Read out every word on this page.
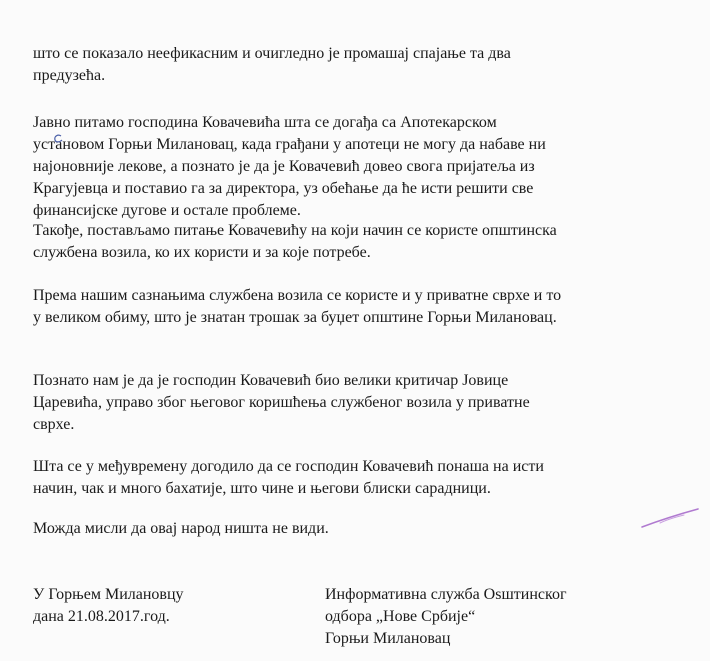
што се показало неефикасним и очигледно је промашај спајање та два
предузећа.

Јавно питамо господина Ковачевића шта се догађа са Апотекарском
установом Горњи Милановац, када грађани у апотеци не могу да набаве ни
најоновније лекове, а познато је да је Ковачевић довео свога пријатеља из
Крагујевца и поставио га за директора, уз обећање да ће исти решити све
финансијске дугове и остале проблеме.

Такође, постављамо питање Ковачевићу на који начин се користе општинска
службена возила, ко их користи и за које потребе.

Према нашим сазнањима службена возила се користе и у приватне сврхе и то
у великом обиму, што је знатан трошак за буџет општине Горњи Милановац.

Познато нам је да је господин Ковачевић био велики критичар Јовице
Царевића, управо због његовог коришћења службеног возила у приватне
сврхе.

Шта се у међувремену догодило да се господин Ковачевић понаша на исти
начин, чак и много бахатије, што чине и његови блиски сарадници.

Можда мисли да овај народ ништа не види.

У Горњем Милановцу
дана 21.08.2017.год.

Информативна служба Оsштинског
одбора „Нове Србије“
Горњи Милановац
